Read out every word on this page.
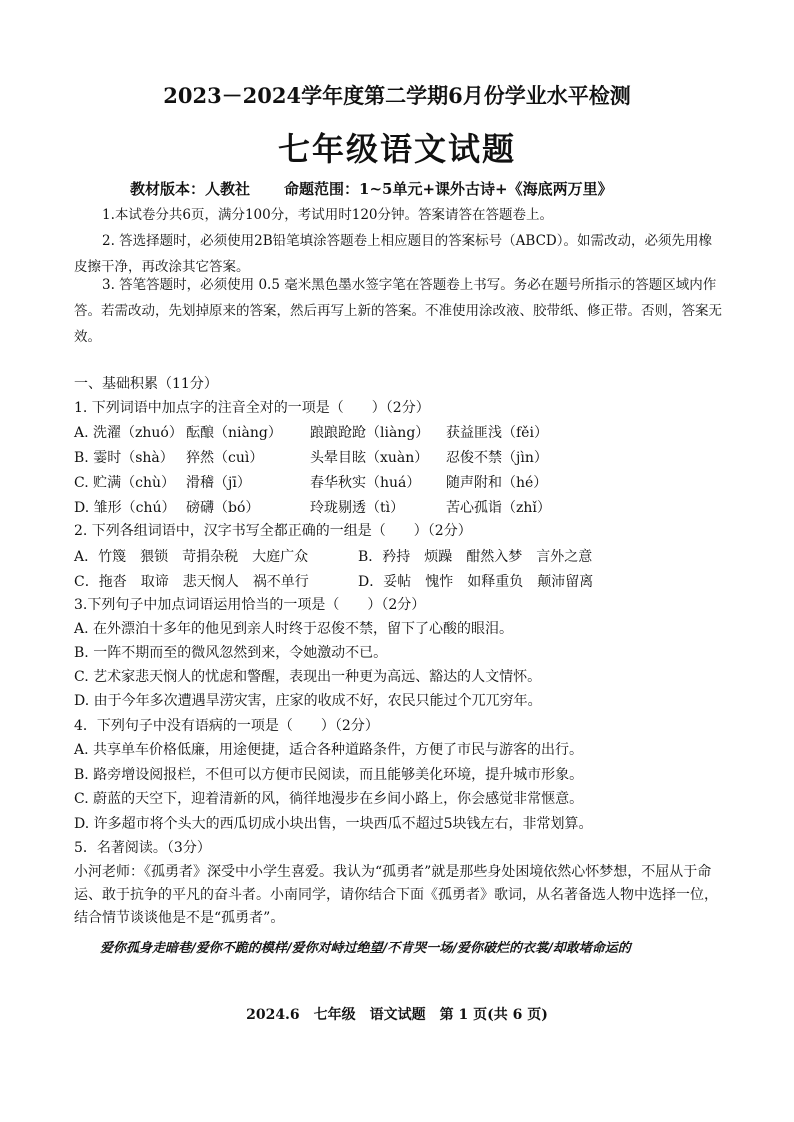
2023－2024学年度第二学期6月份学业水平检测
七年级语文试题
教材版本：人教社 命题范围：1~5单元+课外古诗+《海底两万里》
1.本试卷分共6页，满分100分，考试用时120分钟。答案请答在答题卷上。
2. 答选择题时，必须使用2B铅笔填涂答题卷上相应题目的答案标号（ABCD）。如需改动，必须先用橡皮擦干净，再改涂其它答案。
3. 答笔答题时，必须使用 0.5 毫米黑色墨水签字笔在答题卷上书写。务必在题号所指示的答题区域内作答。若需改动，先划掉原来的答案，然后再写上新的答案。不准使用涂改液、胶带纸、修正带。否则，答案无效。
一、基础积累（11分）
1. 下列词语中加点字的注音全对的一项是（　　）（2分）
A. 洗濯（zhuó） 酝酿（niàng） 踉踉跄跄（liàng） 获益匪浅（fěi）
B. 霎时（shà） 猝然（cuì）	头晕目眩（xuàn） 忍俊不禁（jìn）
C. 贮满（chù） 滑稽（jī）	春华秋实（huá） 随声附和（hé）
D. 雏形（chú） 磅礴（bó）	玲珑剔透（tì）	苦心孤诣（zhǐ）
2. 下列各组词语中，汉字书写全都正确的一组是（　　）（2分）
A．竹篾　猥锁　苛捐杂税　大庭广众	B．矜持　烦躁　酣然入梦　言外之意
C．拖沓　取谛　悲天悯人　祸不单行	D．妥帖　愧怍　如释重负　颠沛留离
3.下列句子中加点词语运用恰当的一项是（　　）（2分）
A. 在外漂泊十多年的他见到亲人时终于忍俊不禁，留下了心酸的眼泪。
B. 一阵不期而至的微风忽然到来，令她激动不已。
C. 艺术家悲天悯人的忧虑和警醒，表现出一种更为高远、豁达的人文情怀。
D. 由于今年多次遭遇旱涝灾害，庄家的收成不好，农民只能过个兀兀穷年。
4．下列句子中没有语病的一项是（　　）（2分）
A. 共享单车价格低廉，用途便捷，适合各种道路条件，方便了市民与游客的出行。
B. 路旁增设阅报栏，不但可以方便市民阅读，而且能够美化环境，提升城市形象。
C. 蔚蓝的天空下，迎着清新的风，徜徉地漫步在乡间小路上，你会感觉非常惬意。
D. 许多超市将个头大的西瓜切成小块出售，一块西瓜不超过5块钱左右，非常划算。
5．名著阅读。（3分）
小河老师：《孤勇者》深受中小学生喜爱。我认为“孤勇者”就是那些身处困境依然心怀梦想，不屈从于命运、敢于抗争的平凡的奋斗者。小南同学，请你结合下面《孤勇者》歌词，从名著备选人物中选择一位，结合情节谈谈他是不是“孤勇者”。
爱你孤身走暗巷/爱你不跪的模样/爱你对峙过绝望/不肯哭一场/爱你破烂的衣裳/却敢堵命运的
2024.6　七年级　语文试题　第 1 页(共 6 页)
